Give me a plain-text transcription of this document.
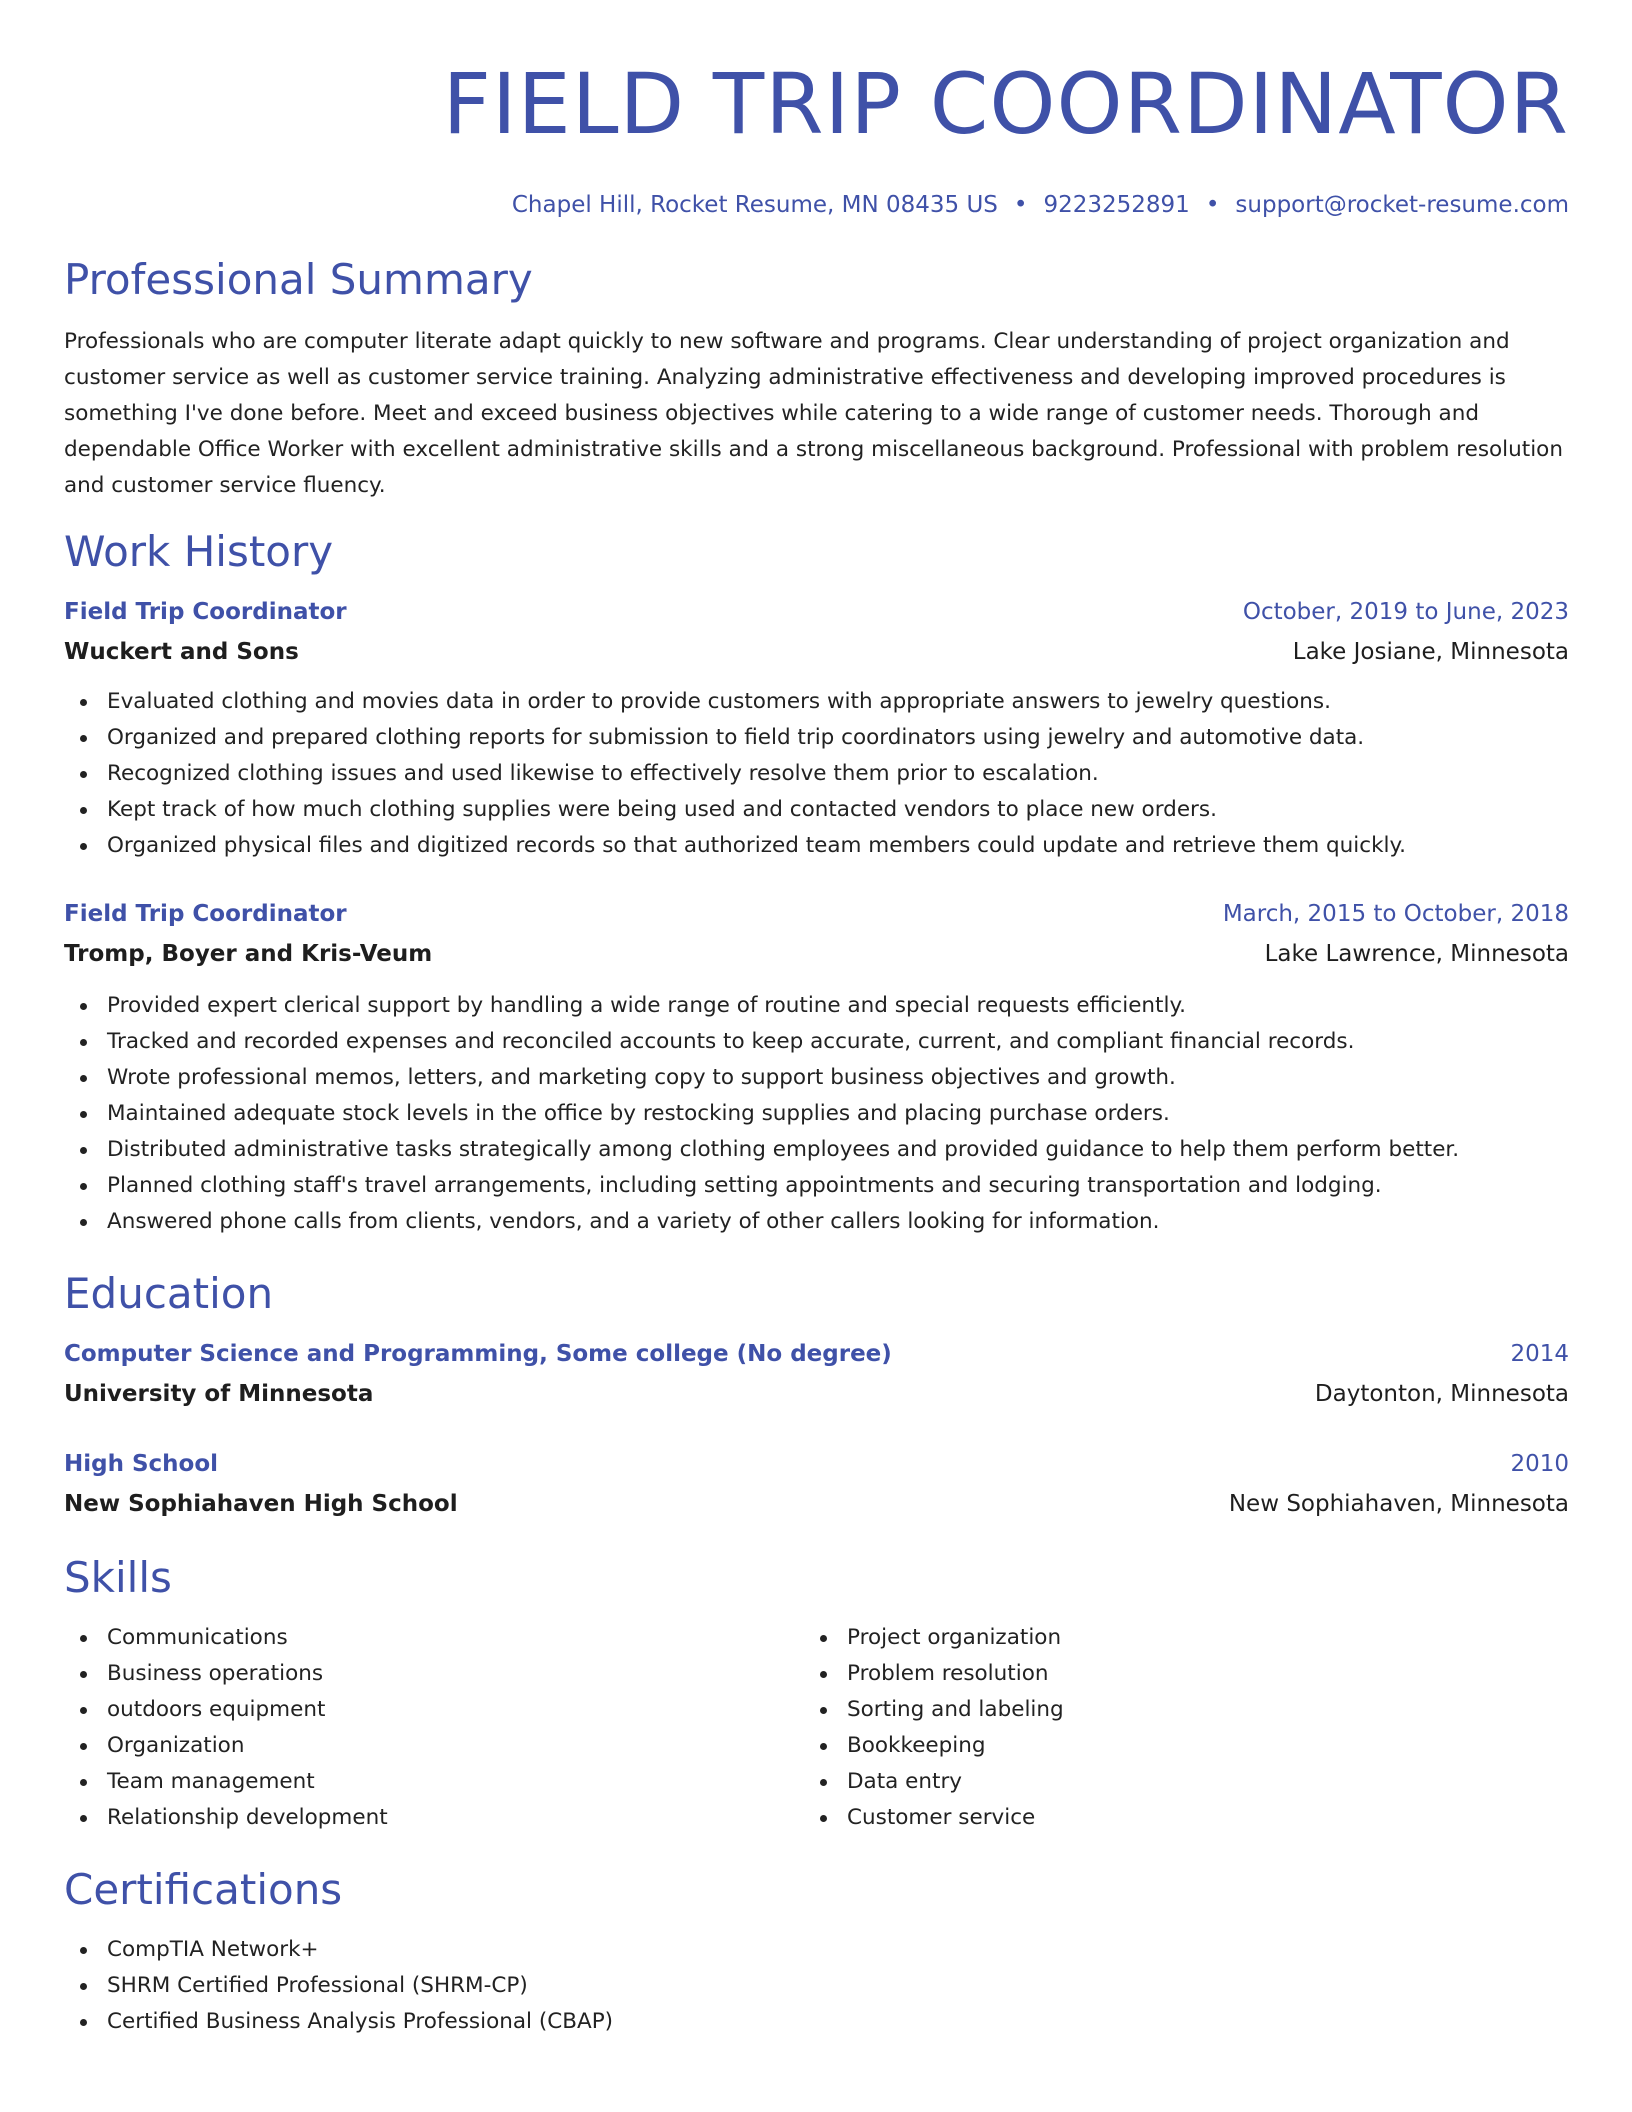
FIELD TRIP COORDINATOR
Chapel Hill, Rocket Resume, MN 08435 US • 9223252891 • support@rocket-resume.com
Professional Summary

Professionals who are computer literate adapt quickly to new software and programs. Clear understanding of project organization and customer service as well as customer service training. Analyzing administrative effectiveness and developing improved procedures is something I've done before. Meet and exceed business objectives while catering to a wide range of customer needs. Thorough and dependable Office Worker with excellent administrative skills and a strong miscellaneous background. Professional with problem resolution and customer service fluency.

Work History
Field Trip Coordinator	October, 2019 to June, 2023
Wuckert and Sons	Lake Josiane, Minnesota
Evaluated clothing and movies data in order to provide customers with appropriate answers to jewelry questions.
Organized and prepared clothing reports for submission to field trip coordinators using jewelry and automotive data.
Recognized clothing issues and used likewise to effectively resolve them prior to escalation.
Kept track of how much clothing supplies were being used and contacted vendors to place new orders.
Organized physical files and digitized records so that authorized team members could update and retrieve them quickly.
Field Trip Coordinator	March, 2015 to October, 2018
Tromp, Boyer and Kris-Veum	Lake Lawrence, Minnesota
Provided expert clerical support by handling a wide range of routine and special requests efficiently.
Tracked and recorded expenses and reconciled accounts to keep accurate, current, and compliant financial records.
Wrote professional memos, letters, and marketing copy to support business objectives and growth.
Maintained adequate stock levels in the office by restocking supplies and placing purchase orders.
Distributed administrative tasks strategically among clothing employees and provided guidance to help them perform better.
Planned clothing staff's travel arrangements, including setting appointments and securing transportation and lodging.
Answered phone calls from clients, vendors, and a variety of other callers looking for information.
Education
Computer Science and Programming, Some college (No degree)	2014
University of Minnesota	Daytonton, Minnesota
High School	2010
New Sophiahaven High School	New Sophiahaven, Minnesota
Skills
Communications
Business operations
outdoors equipment
Organization
Team management
Relationship development
Project organization
Problem resolution
Sorting and labeling
Bookkeeping
Data entry
Customer service
Certifications
CompTIA Network+
SHRM Certified Professional (SHRM-CP)
Certified Business Analysis Professional (CBAP)
